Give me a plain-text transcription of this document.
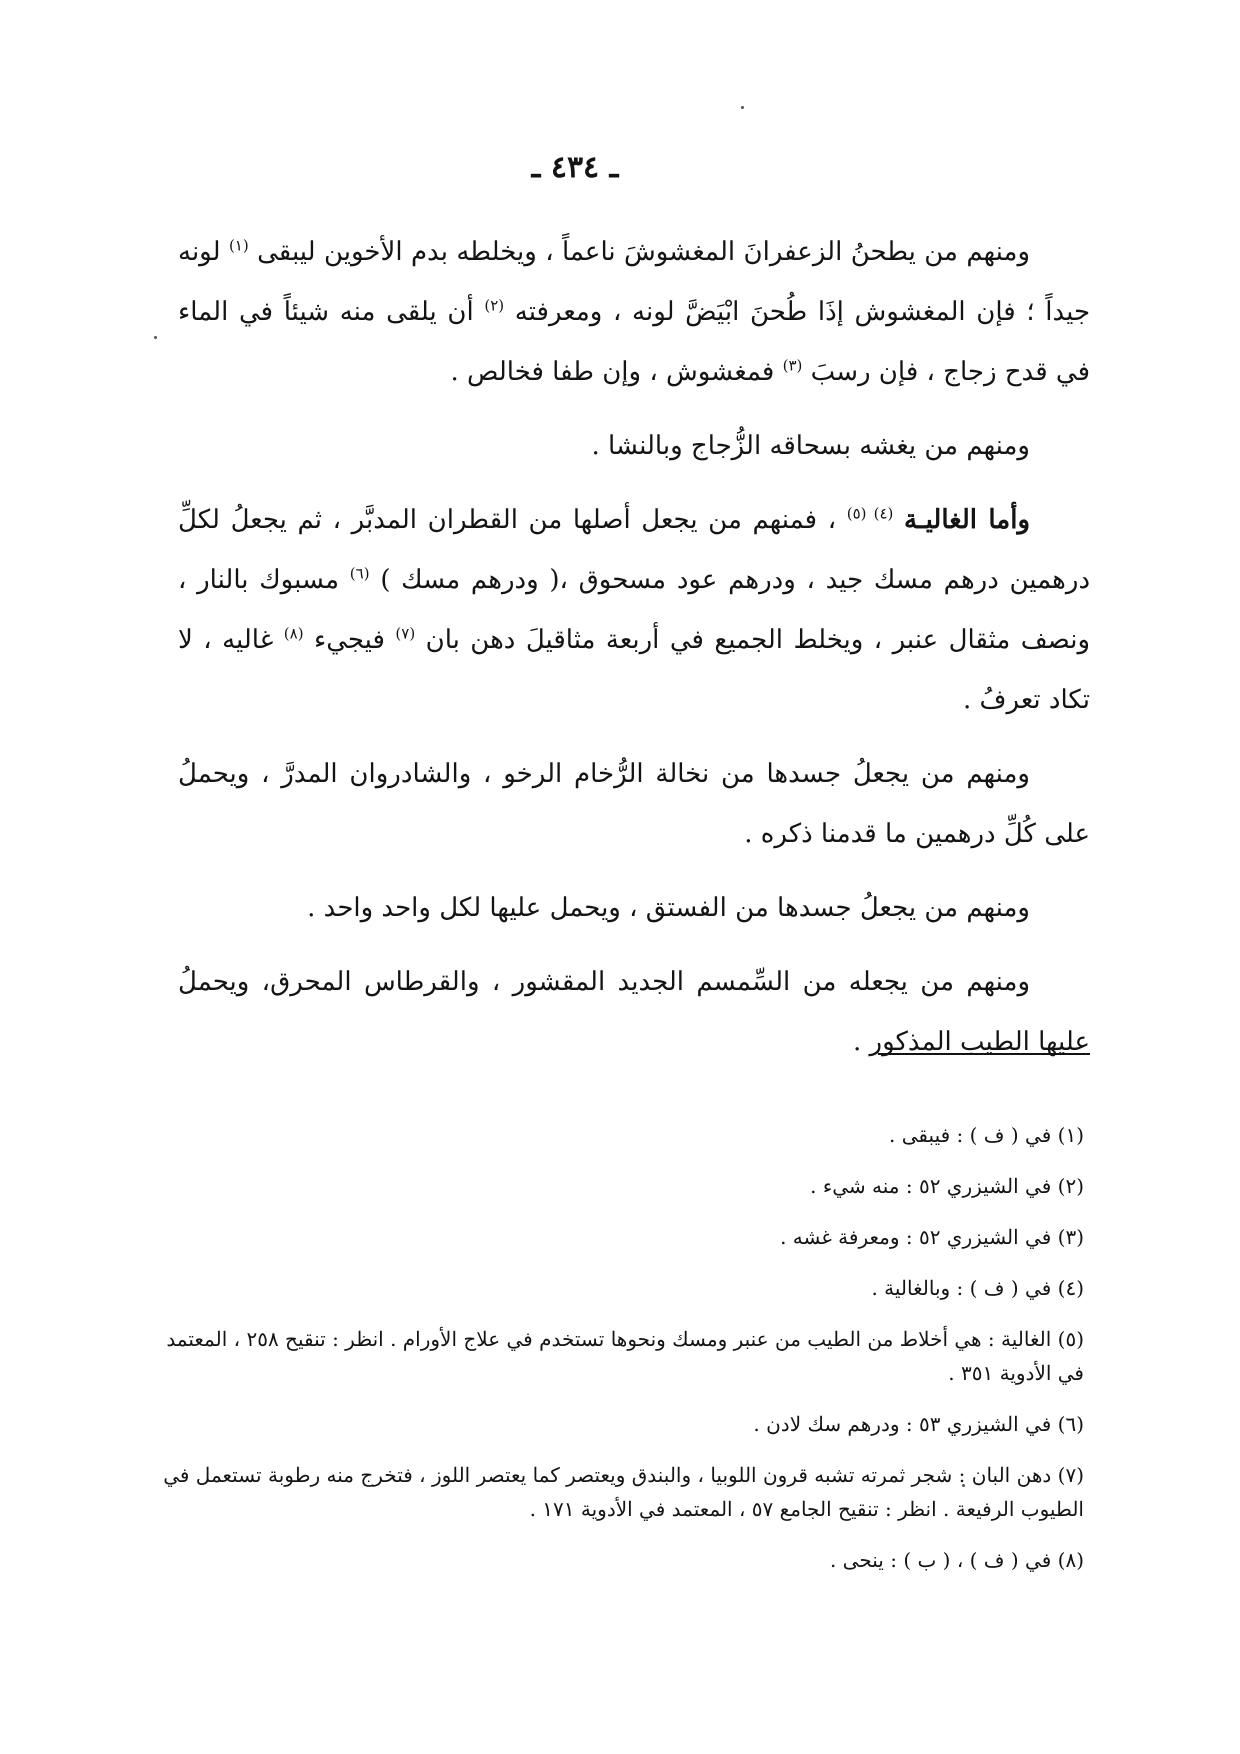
ـ ٤٣٤ ـ

ومنهم من يطحنُ الزعفرانَ المغشوشَ ناعماً ، ويخلطه بدم الأخوين ليبقى $^{(١)}$ لونه جيداً ؛ فإن المغشوش إذَا طُحنَ ابْيَضَّ لونه ، ومعرفته $^{(٢)}$ أن يلقى منه شيئاً في الماء في قدح زجاج ، فإن رسبَ $^{(٣)}$ فمغشوش ، وإن طفا فخالص .

ومنهم من يغشه بسحاقه الزُّجاج وبالنشا .

وأما الغاليـة $^{(٤) (٥)}$ ، فمنهم من يجعل أصلها من القطران المدبَّر ، ثم يجعلُ لكلِّ درهمين درهم مسك جيد ، ودرهم عود مسحوق ،( ودرهم مسك ) $^{(٦)}$ مسبوك بالنار ، ونصف مثقال عنبر ، ويخلط الجميع في أربعة مثاقيلَ دهن بان $^{(٧)}$ فيجيء $^{(٨)}$ غاليه ، لا تكاد تعرفُ .

ومنهم من يجعلُ جسدها من نخالة الرُّخام الرخو ، والشادروان المدرَّ ، ويحملُ على كُلِّ درهمين ما قدمنا ذكره .

ومنهم من يجعلُ جسدها من الفستق ، ويحمل عليها لكل واحد واحد .

ومنهم من يجعله من السِّمسم الجديد المقشور ، والقرطاس المحرق، ويحملُ عليها الطيب المذكور .

(١) في ( ف ) : فيبقى .
(٢) في الشيزري ٥٢ : منه شيء .
(٣) في الشيزري ٥٢ : ومعرفة غشه .
(٤) في ( ف ) : وبالغالية .
(٥) الغالية : هي أخلاط من الطيب من عنبر ومسك ونحوها تستخدم في علاج الأورام . انظر : تنقيح ٢٥٨ ، المعتمد في الأدوية ٣٥١ .
(٦) في الشيزري ٥٣ : ودرهم سك لادن .
(٧) دهن البان : شجر ثمرته تشبه قرون اللوبيا ، والبندق ويعتصر كما يعتصر اللوز ، فتخرج منه رطوبة تستعمل في الطيوب الرفيعة . انظر : تنقيح الجامع ٥٧ ، المعتمد في الأدوية ١٧١ .
(٨) في ( ف ) ، ( ب ) : ينحى .
